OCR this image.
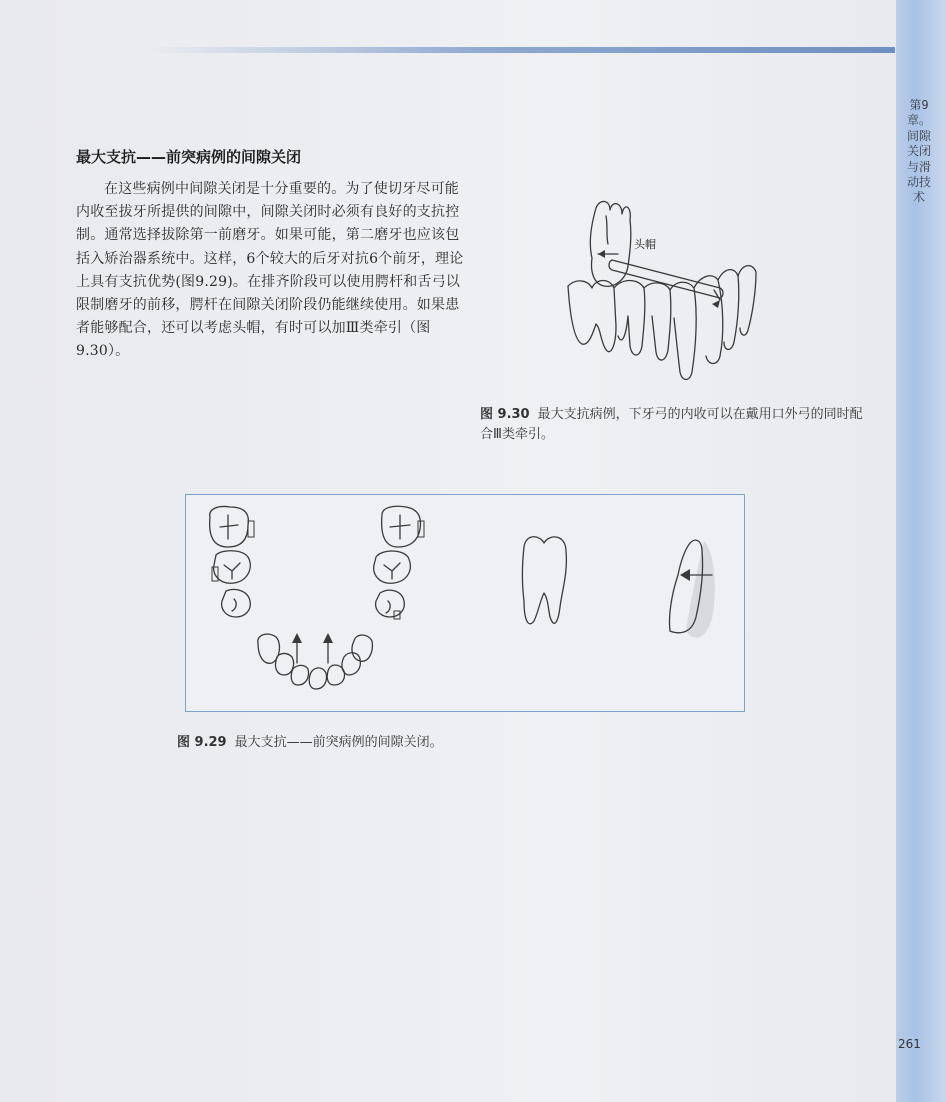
第9章。间隙关闭与滑动技术
最大支抗——前突病例的间隙关闭
在这些病例中间隙关闭是十分重要的。为了使切牙尽可能内收至拔牙所提供的间隙中，间隙关闭时必须有良好的支抗控制。通常选择拔除第一前磨牙。如果可能，第二磨牙也应该包括入矫治器系统中。这样，6个较大的后牙对抗6个前牙，理论上具有支抗优势(图9.29)。在排齐阶段可以使用腭杆和舌弓以限制磨牙的前移，腭杆在间隙关闭阶段仍能继续使用。如果患者能够配合，还可以考虑头帽，有时可以加Ⅲ类牵引（图 9.30）。
头帽
图 9.30 最大支抗病例，下牙弓的内收可以在戴用口外弓的同时配合Ⅲ类牵引。
图 9.29 最大支抗——前突病例的间隙关闭。
261
